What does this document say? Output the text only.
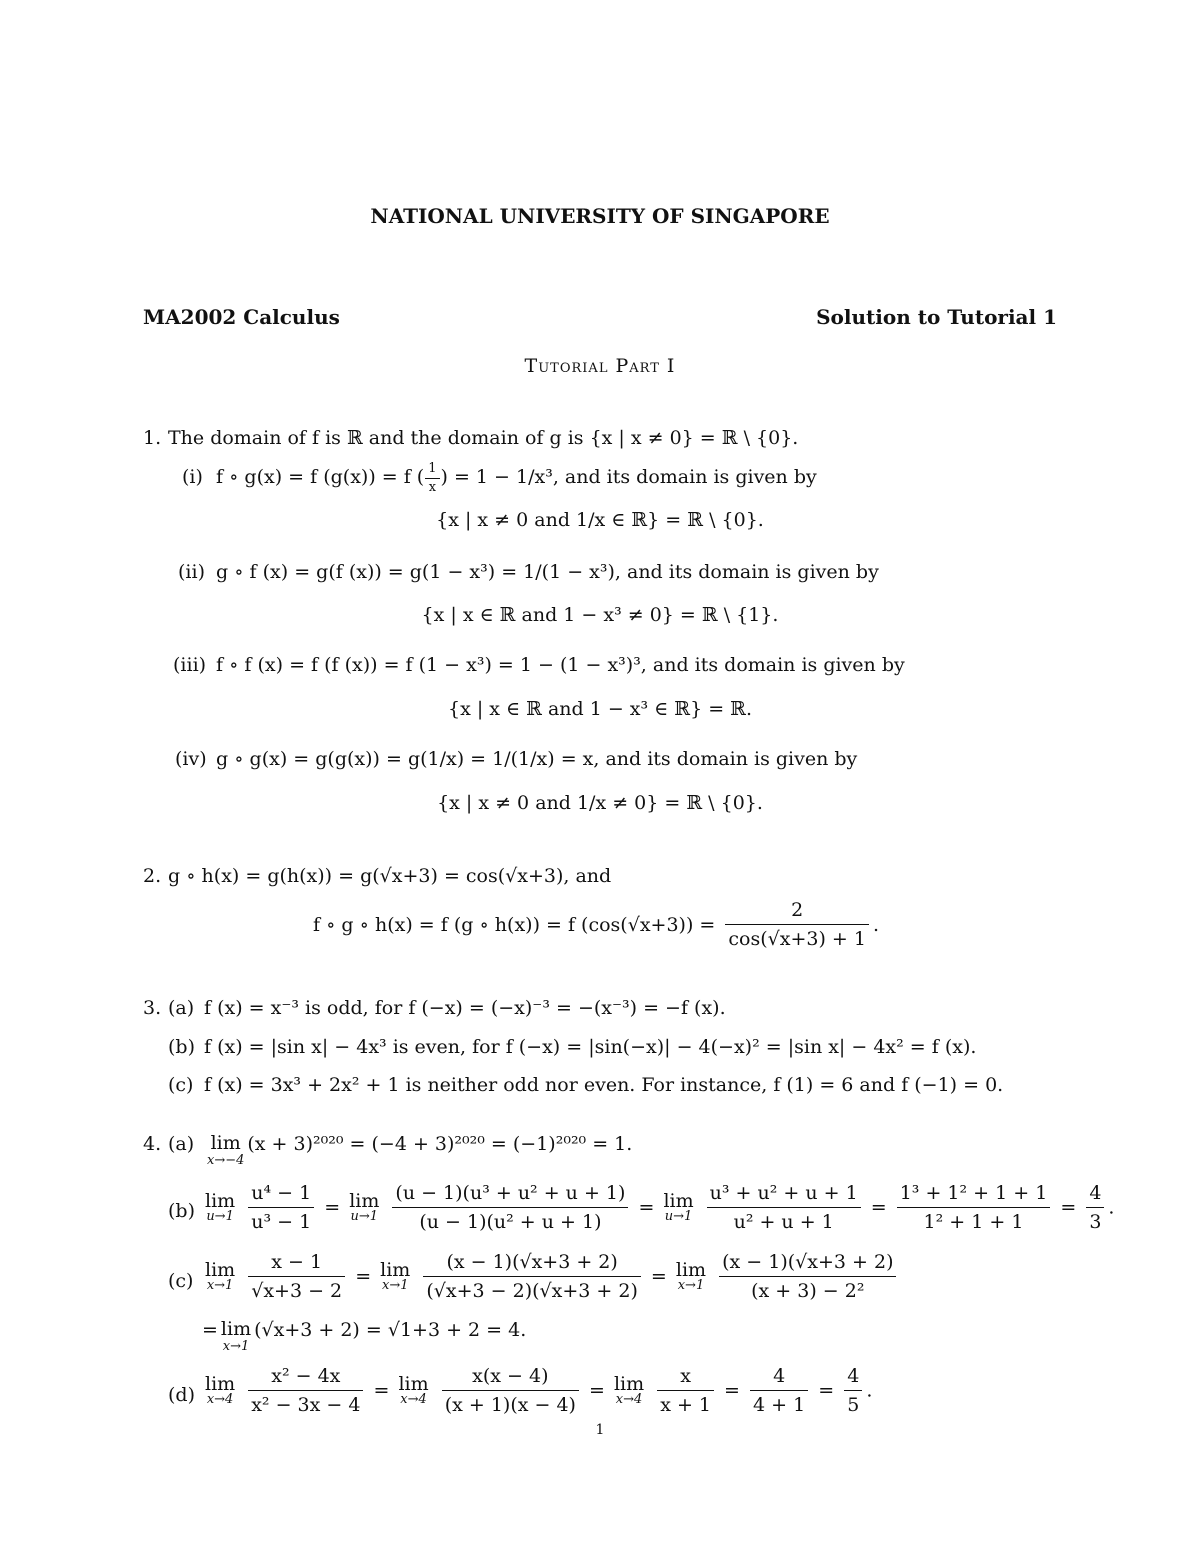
NATIONAL UNIVERSITY OF SINGAPORE
MA2002 Calculus	Solution to Tutorial 1
Tutorial Part I
1. The domain of f is ℝ and the domain of g is {x | x ≠ 0} = ℝ \ {0}.
(i) f ∘ g(x) = f (g(x)) = f ( $\frac{1}{x}$ ) = 1 − 1/x³, and its domain is given by
{x | x ≠ 0 and 1/x ∈ ℝ} = ℝ \ {0}.
(ii) g ∘ f (x) = g(f (x)) = g(1 − x³) = 1/(1 − x³), and its domain is given by
{x | x ∈ ℝ and 1 − x³ ≠ 0} = ℝ \ {1}.
(iii) f ∘ f (x) = f (f (x)) = f (1 − x³) = 1 − (1 − x³)³, and its domain is given by
{x | x ∈ ℝ and 1 − x³ ∈ ℝ} = ℝ.
(iv) g ∘ g(x) = g(g(x)) = g(1/x) = 1/(1/x) = x, and its domain is given by
{x | x ≠ 0 and 1/x ≠ 0} = ℝ \ {0}.
2. g ∘ h(x) = g(h(x)) = g(√x+3) = cos(√x+3), and
f ∘ g ∘ h(x) = f (g ∘ h(x)) = f $(\cos(√x+3)) = \frac{2}{\cos(√x+3) + 1}$ .
3. (a) f (x) = x⁻³ is odd, for f (−x) = (−x)⁻³ = −(x⁻³) = −f (x).
(b) f (x) = |sin x| − 4x³ is even, for f (−x) = |sin(−x)| − 4(−x)² = |sin x| − 4x² = f (x).
(c) f (x) = 3x³ + 2x² + 1 is neither odd nor even. For instance, f (1) = 6 and f (−1) = 0.
4. (a) lim
x→−4
(x + 3)²⁰²⁰ = (−4 + 3)²⁰²⁰ = (−1)²⁰²⁰ = 1.
(b) lim
u→1
$\frac{\text{u⁴ − 1}}{\text{u³ − 1}} = \lim$
u→1
$\frac{\text{(u − 1)(u³ + u² + u + 1)}}{\text{(u − 1)(u² + u + 1)}} = \lim$
u→1
$\frac{\text{u³ + u² + u + 1}}{\text{u² + u + 1}} = \frac{\text{1³ + 1² + 1 + 1}}{\text{1² + 1 + 1}} = \frac{4}{3}$ .
(c)
lim
x→1
$\frac{x - 1}{√x+3 - 2} = \lim$
x→1
$\frac{(x - 1)(√x+3 + 2)}{(√x+3 - 2)(√x+3 + 2)} = \lim$
x→1
$\frac{(x - 1)(√x+3 + 2)}{\text{(x + 3) − 2²}}$
= lim
x→1
(√x+3 + 2) = √1+3 + 2 = 4.
(d)
lim
x→4
$\frac{\text{x² − 4x}}{\text{x² − 3x − 4}} = \lim$
x→4
$\frac{x(x - 4)}{(x + 1)(x - 4)} = \lim$
x→4
$\frac{x}{x + 1} = \frac{4}{4 + 1} = \frac{4}{5}$ .
1
